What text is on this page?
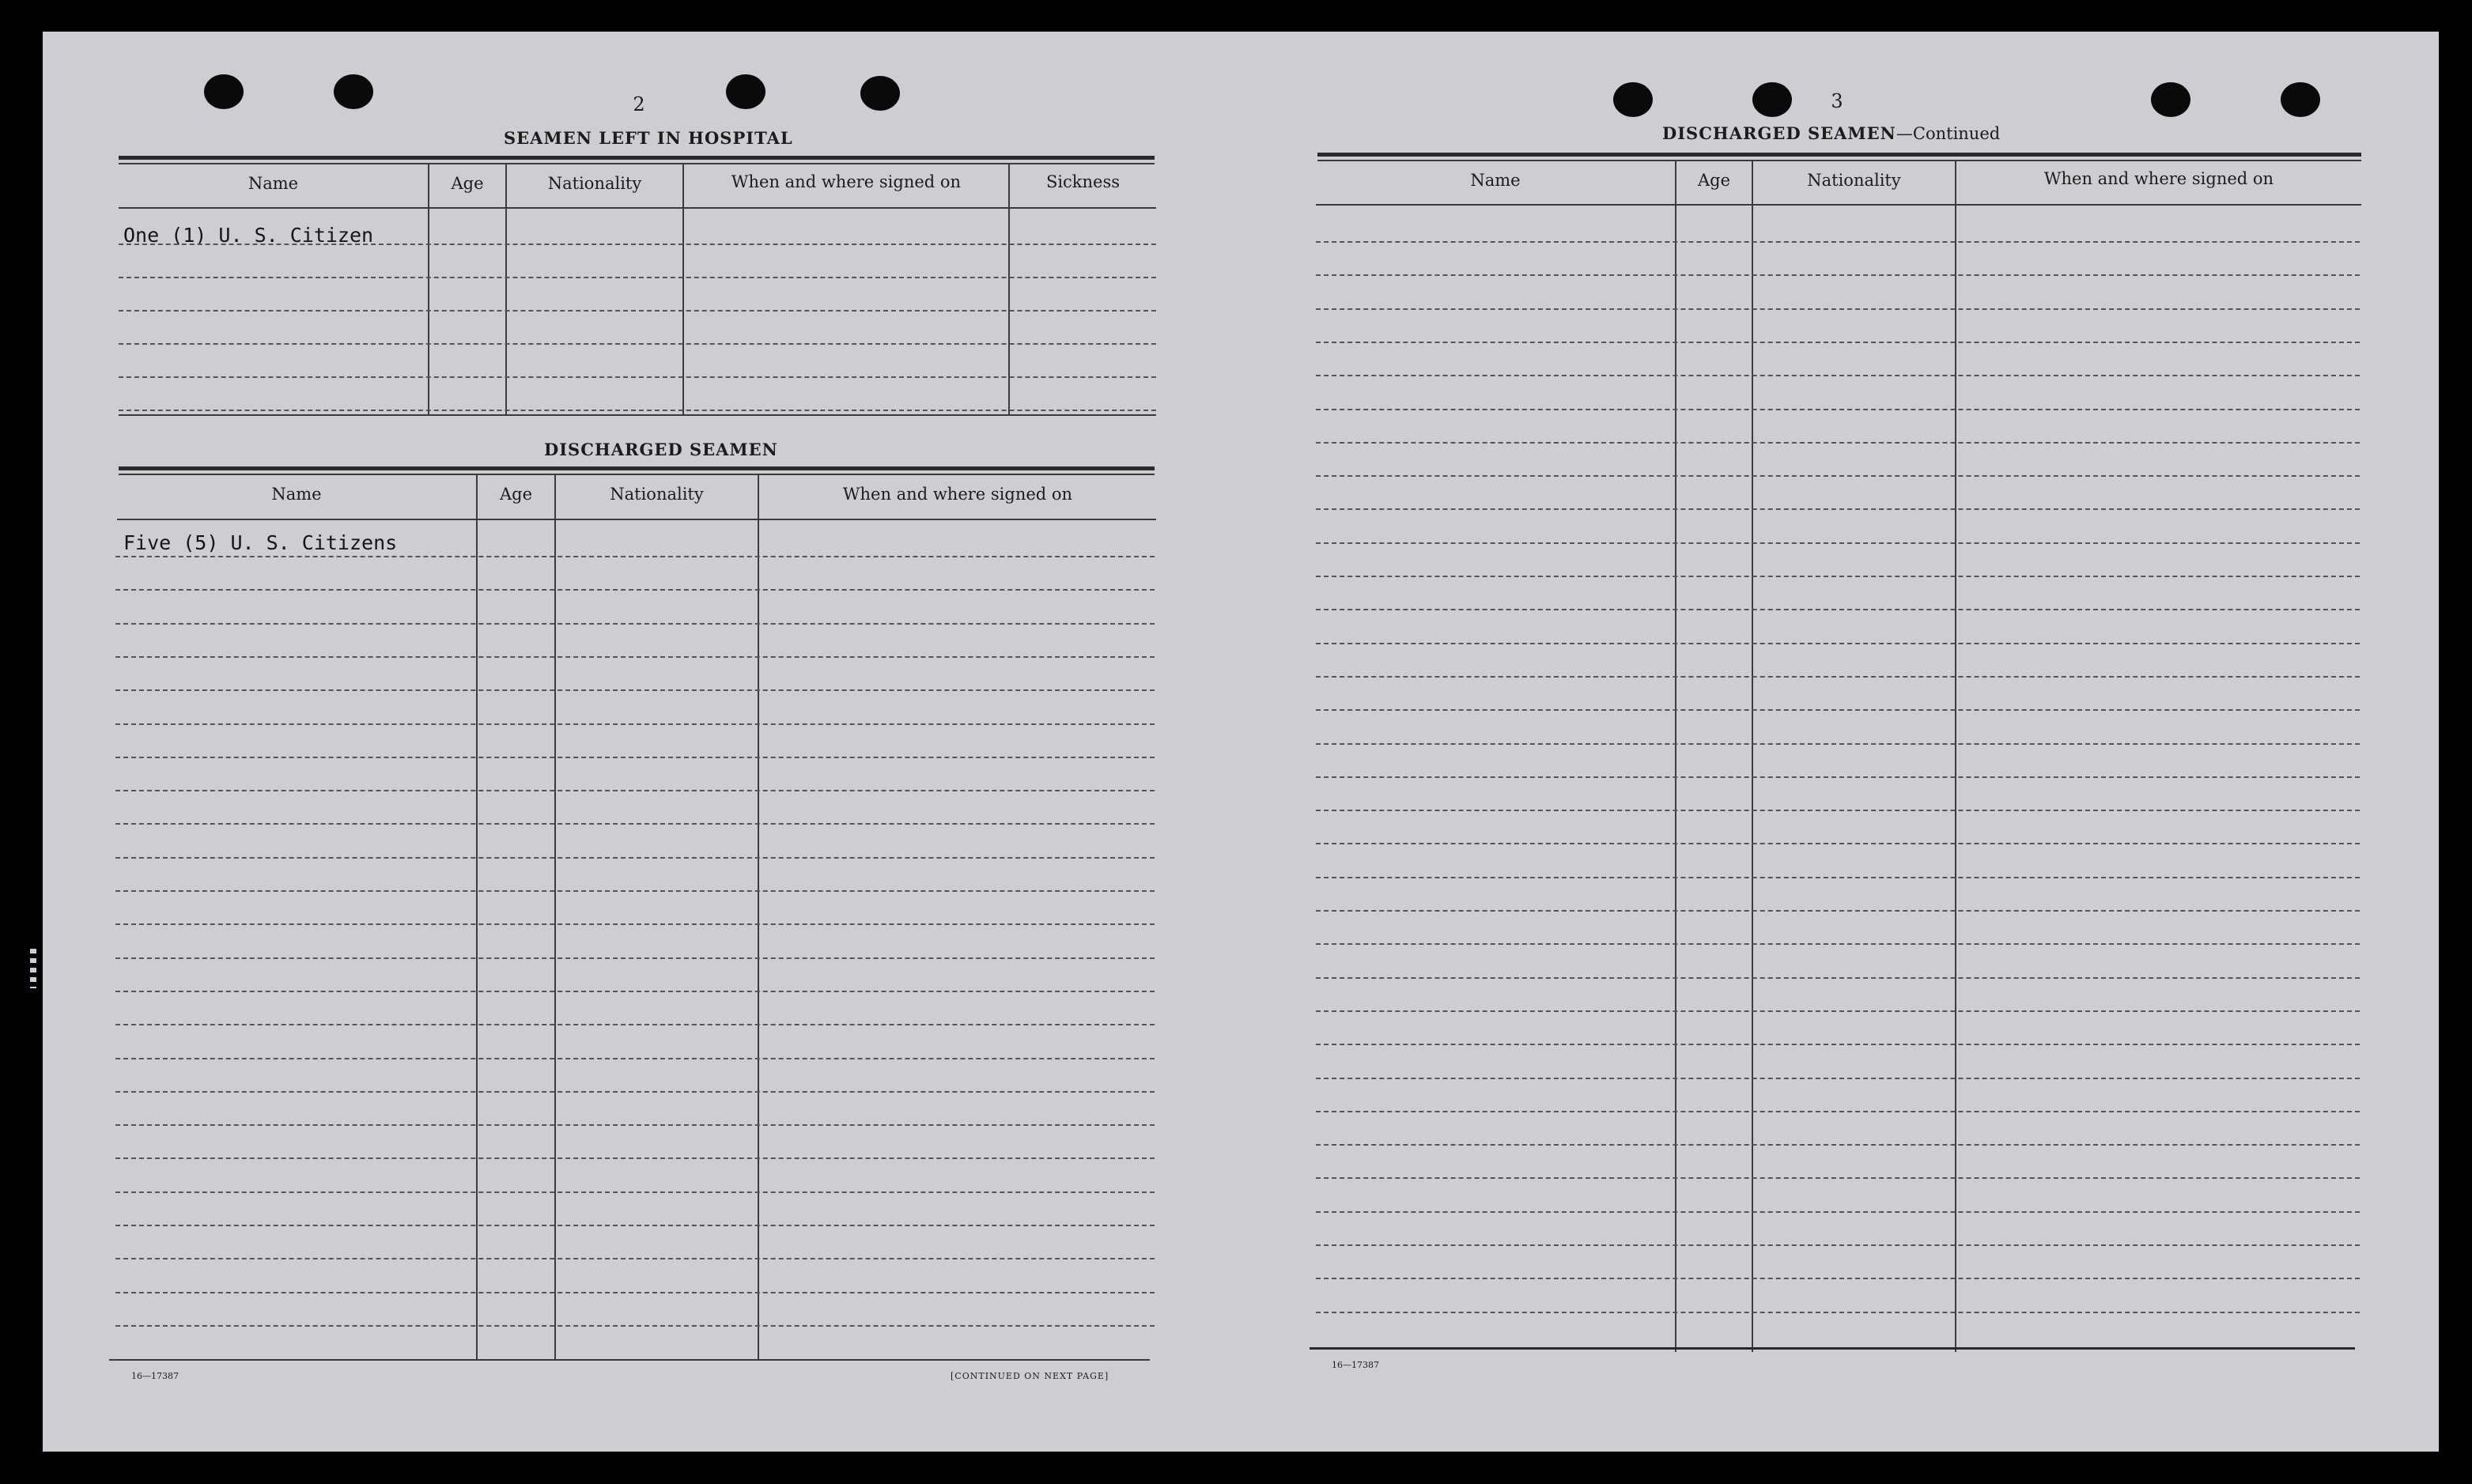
2
SEAMEN LEFT IN HOSPITAL
Name	Age	Nationality	When and where signed on	Sickness
One (1) U. S. Citizen
DISCHARGED SEAMEN
Name	Age	Nationality	When and where signed on
Five (5) U. S. Citizens
16—17387	[CONTINUED ON NEXT PAGE]
3
DISCHARGED SEAMEN—Continued
Name	Age	Nationality	When and where signed on
16—17387
